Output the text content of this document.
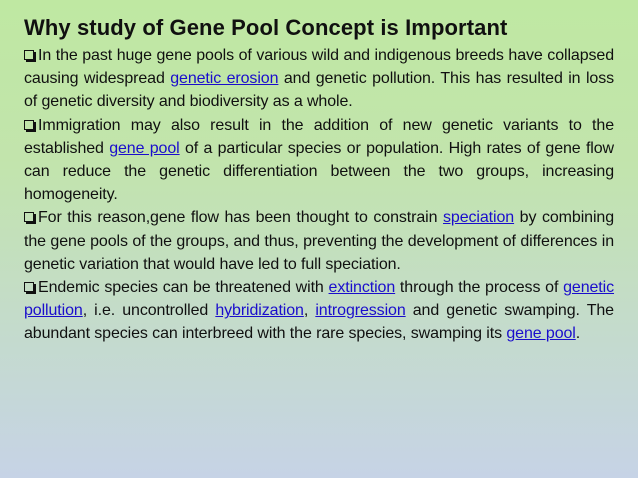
Why study of Gene Pool Concept is Important

In the past huge gene pools of various wild and indigenous breeds have collapsed causing widespread genetic erosion and genetic pollution. This has resulted in loss of genetic diversity and biodiversity as a whole.

Immigration may also result in the addition of new genetic variants to the established gene pool of a particular species or population. High rates of gene flow can reduce the genetic differentiation between the two groups, increasing homogeneity.

For this reason,gene flow has been thought to constrain speciation by combining the gene pools of the groups, and thus, preventing the development of differences in genetic variation that would have led to full speciation.

Endemic species can be threatened with extinction through the process of genetic pollution, i.e. uncontrolled hybridization, introgression and genetic swamping. The abundant species can interbreed with the rare species, swamping its gene pool.
